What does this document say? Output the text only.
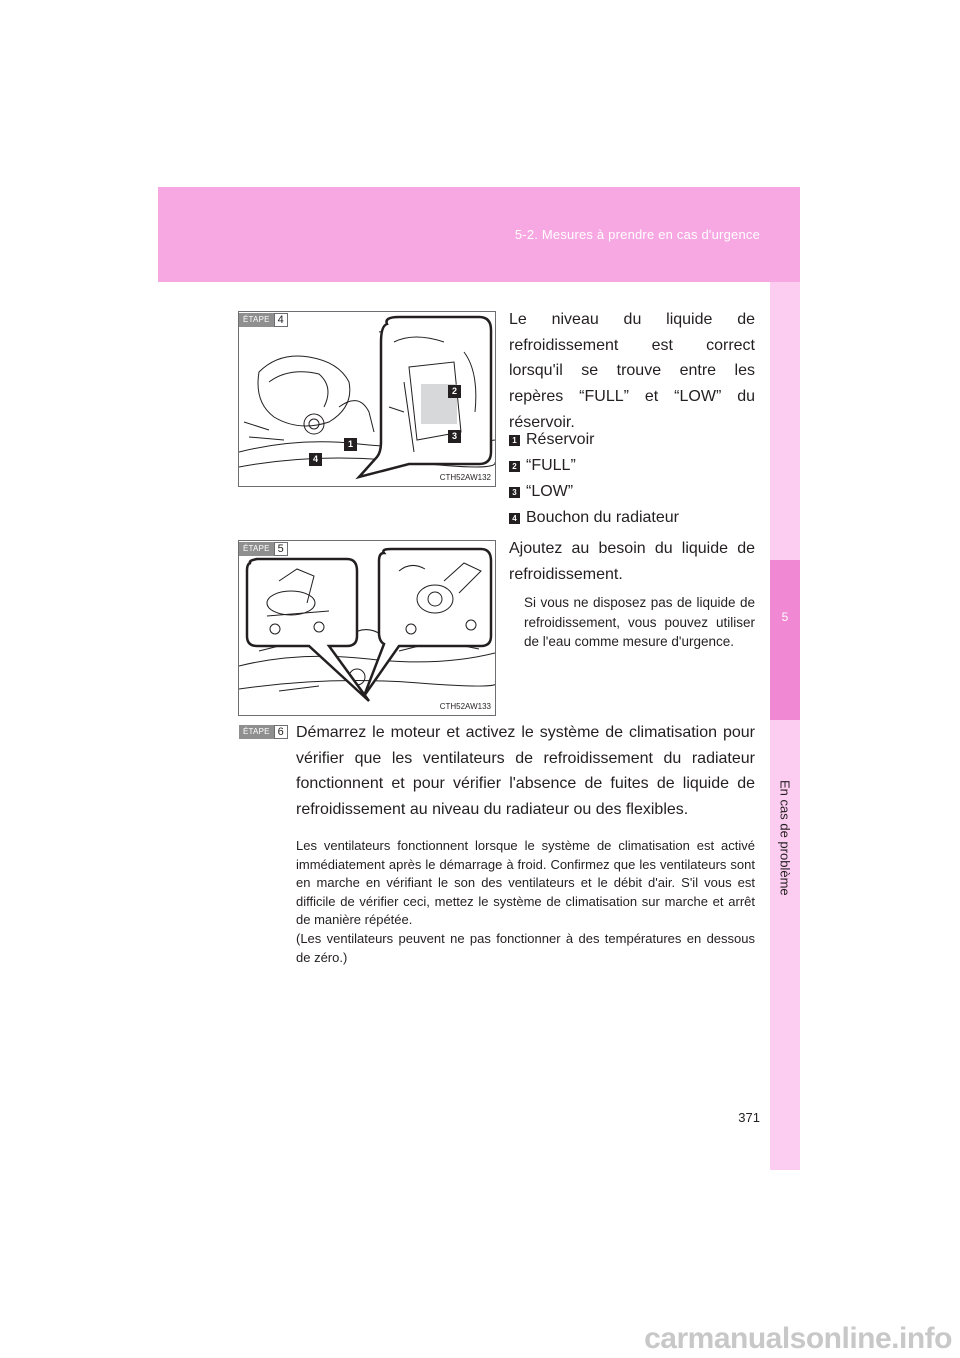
5-2. Mesures à prendre en cas d'urgence
5
En cas de problème
2
3
1
4
CTH52AW132
ÉTAPE 4	Le niveau du liquide de refroidissement est correct lorsqu'il se trouve entre les repères “FULL” et “LOW” du réservoir.
1 Réservoir
2 “FULL”
3 “LOW”
4 Bouchon du radiateur
CTH52AW133
ÉTAPE 5	Ajoutez au besoin du liquide de refroidissement.
Si vous ne disposez pas de liquide de refroidissement, vous pouvez utiliser de l'eau comme mesure d'urgence.
ÉTAPE 6 Démarrez le moteur et activez le système de climatisation pour vérifier que les ventilateurs de refroidissement du radiateur fonctionnent et pour vérifier l'absence de fuites de liquide de refroidissement au niveau du radiateur ou des flexibles.
Les ventilateurs fonctionnent lorsque le système de climatisation est activé immédiatement après le démarrage à froid. Confirmez que les ventilateurs sont en marche en vérifiant le son des ventilateurs et le débit d'air. S'il vous est difficile de vérifier ceci, mettez le système de climatisation sur marche et arrêt de manière répétée.
(Les ventilateurs peuvent ne pas fonctionner à des températures en dessous de zéro.)
371
carmanualsonline.info
